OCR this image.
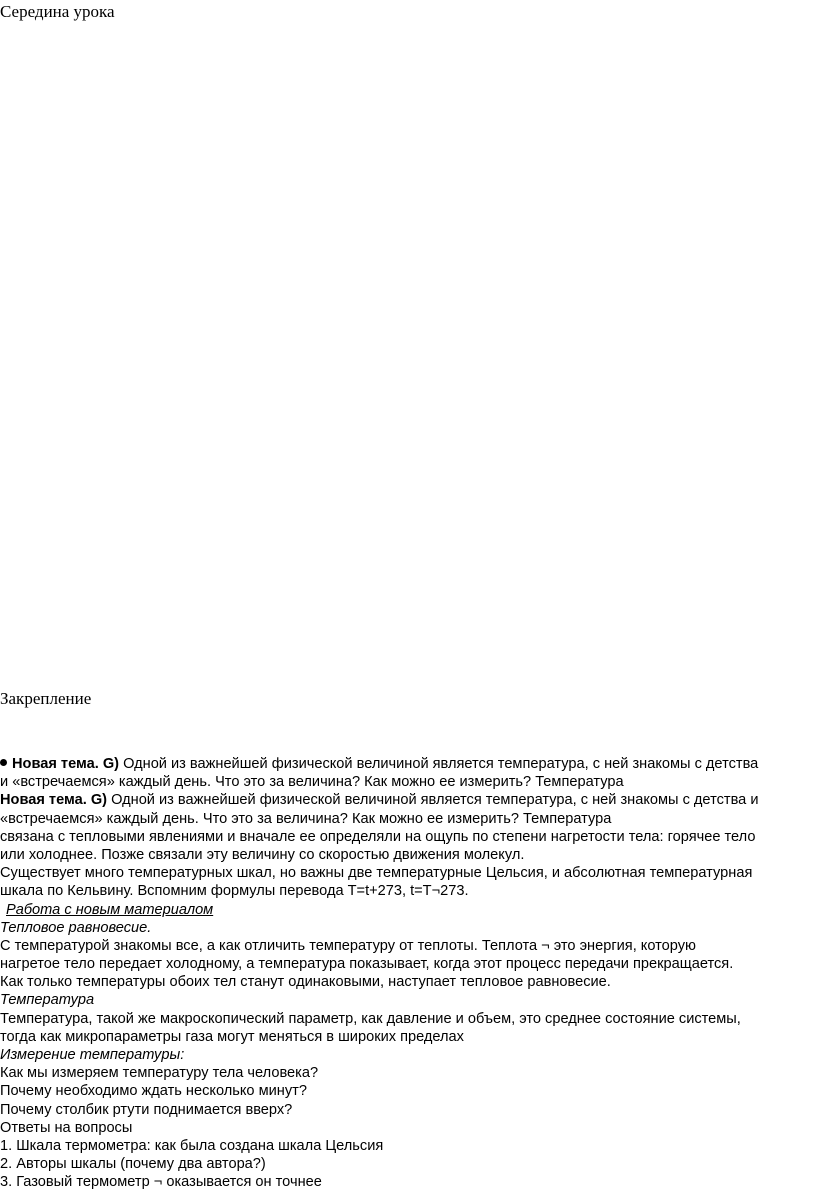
Середина урока
Закрепление
Новая тема. G) Одной из важнейшей физической величиной является температура, с ней знакомы с детства
и «встречаемся» каждый день. Что это за величина? Как можно ее измерить? Температура
Новая тема. G) Одной из важнейшей физической величиной является температура, с ней знакомы с детства и
«встречаемся» каждый день. Что это за величина? Как можно ее измерить? Температура
связана с тепловыми явлениями и вначале ее определяли на ощупь по степени нагретости тела: горячее тело
или холоднее. Позже связали эту величину со скоростью движения молекул.
Существует много температурных шкал, но важны две температурные Цельсия, и абсолютная температурная
шкала по Кельвину. Вспомним формулы перевода Т=t+273, t=T¬273.
Работа с новым материалом
Тепловое равновесие.
С температурой знакомы все, а как отличить температуру от теплоты. Теплота ¬ это энергия, которую
нагретое тело передает холодному, а температура показывает, когда этот процесс передачи прекращается.
Как только температуры обоих тел станут одинаковыми, наступает тепловое равновесие.
Температура
Температура, такой же макроскопический параметр, как давление и объем, это среднее состояние системы,
тогда как микропараметры газа могут меняться в широких пределах
Измерение температуры:
Как мы измеряем температуру тела человека?
Почему необходимо ждать несколько минут?
Почему столбик ртути поднимается вверх?
Ответы на вопросы
1. Шкала термометра: как была создана шкала Цельсия
2. Авторы шкалы (почему два автора?)
3. Газовый термометр ¬ оказывается он точнее
